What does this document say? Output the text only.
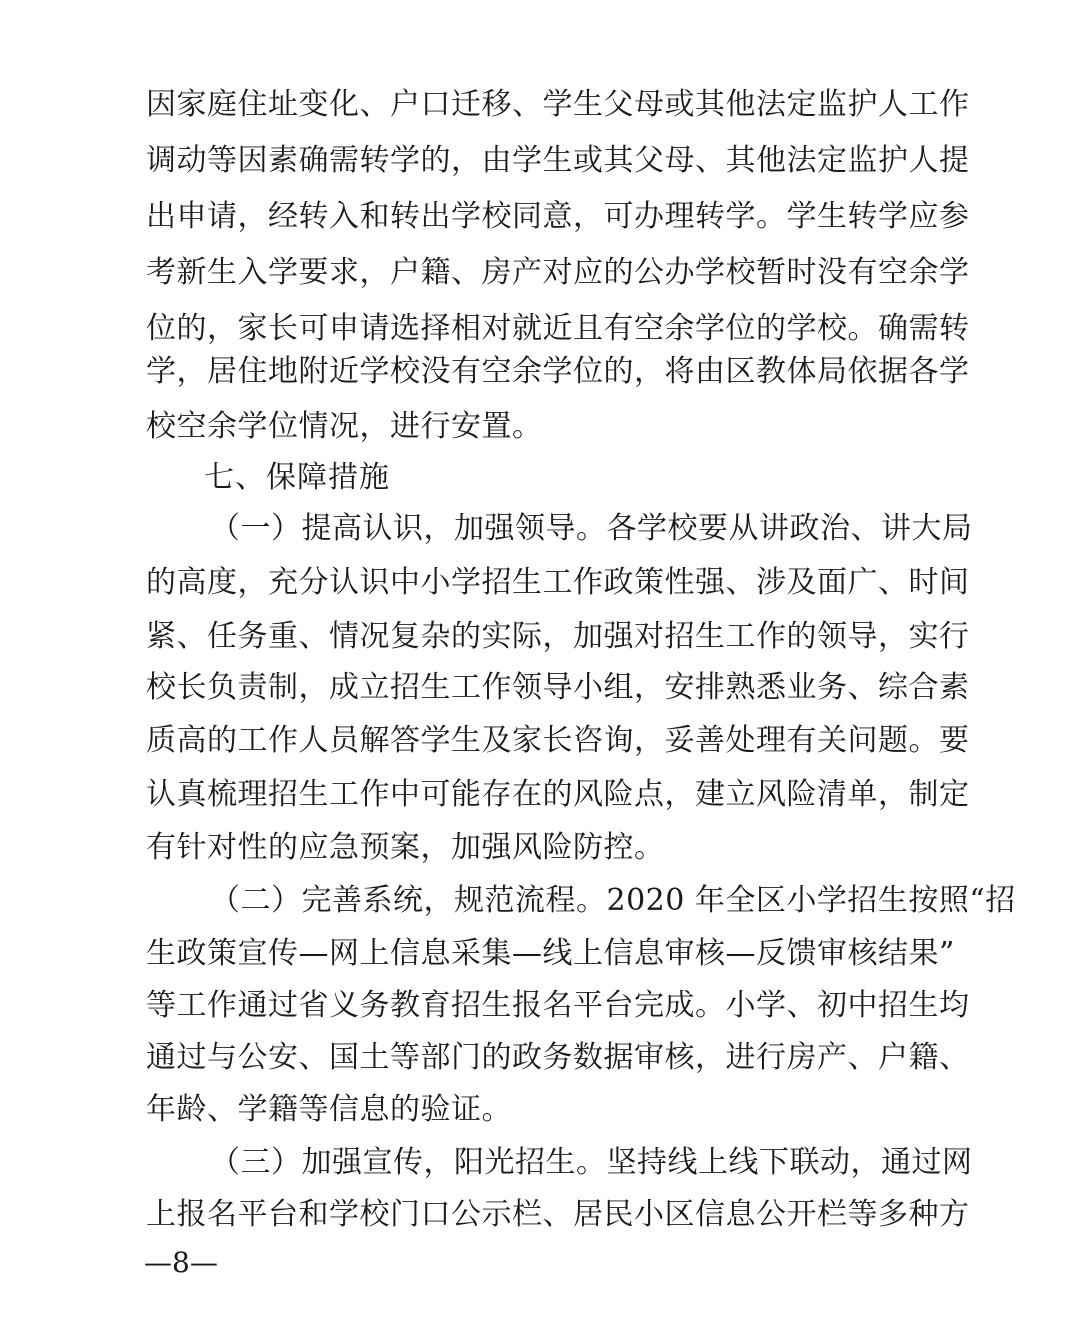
因家庭住址变化、户口迁移、学生父母或其他法定监护人工作
调动等因素确需转学的，由学生或其父母、其他法定监护人提
出申请，经转入和转出学校同意，可办理转学。学生转学应参
考新生入学要求，户籍、房产对应的公办学校暂时没有空余学
位的，家长可申请选择相对就近且有空余学位的学校。确需转
学，居住地附近学校没有空余学位的，将由区教体局依据各学
校空余学位情况，进行安置。
七、保障措施
（一）提高认识，加强领导。各学校要从讲政治、讲大局
的高度，充分认识中小学招生工作政策性强、涉及面广、时间
紧、任务重、情况复杂的实际，加强对招生工作的领导，实行
校长负责制，成立招生工作领导小组，安排熟悉业务、综合素
质高的工作人员解答学生及家长咨询，妥善处理有关问题。要
认真梳理招生工作中可能存在的风险点，建立风险清单，制定
有针对性的应急预案，加强风险防控。
（二）完善系统，规范流程。2020 年全区小学招生按照“招
生政策宣传—网上信息采集—线上信息审核—反馈审核结果”
等工作通过省义务教育招生报名平台完成。小学、初中招生均
通过与公安、国土等部门的政务数据审核，进行房产、户籍、
年龄、学籍等信息的验证。
（三）加强宣传，阳光招生。坚持线上线下联动，通过网
上报名平台和学校门口公示栏、居民小区信息公开栏等多种方
—8—
